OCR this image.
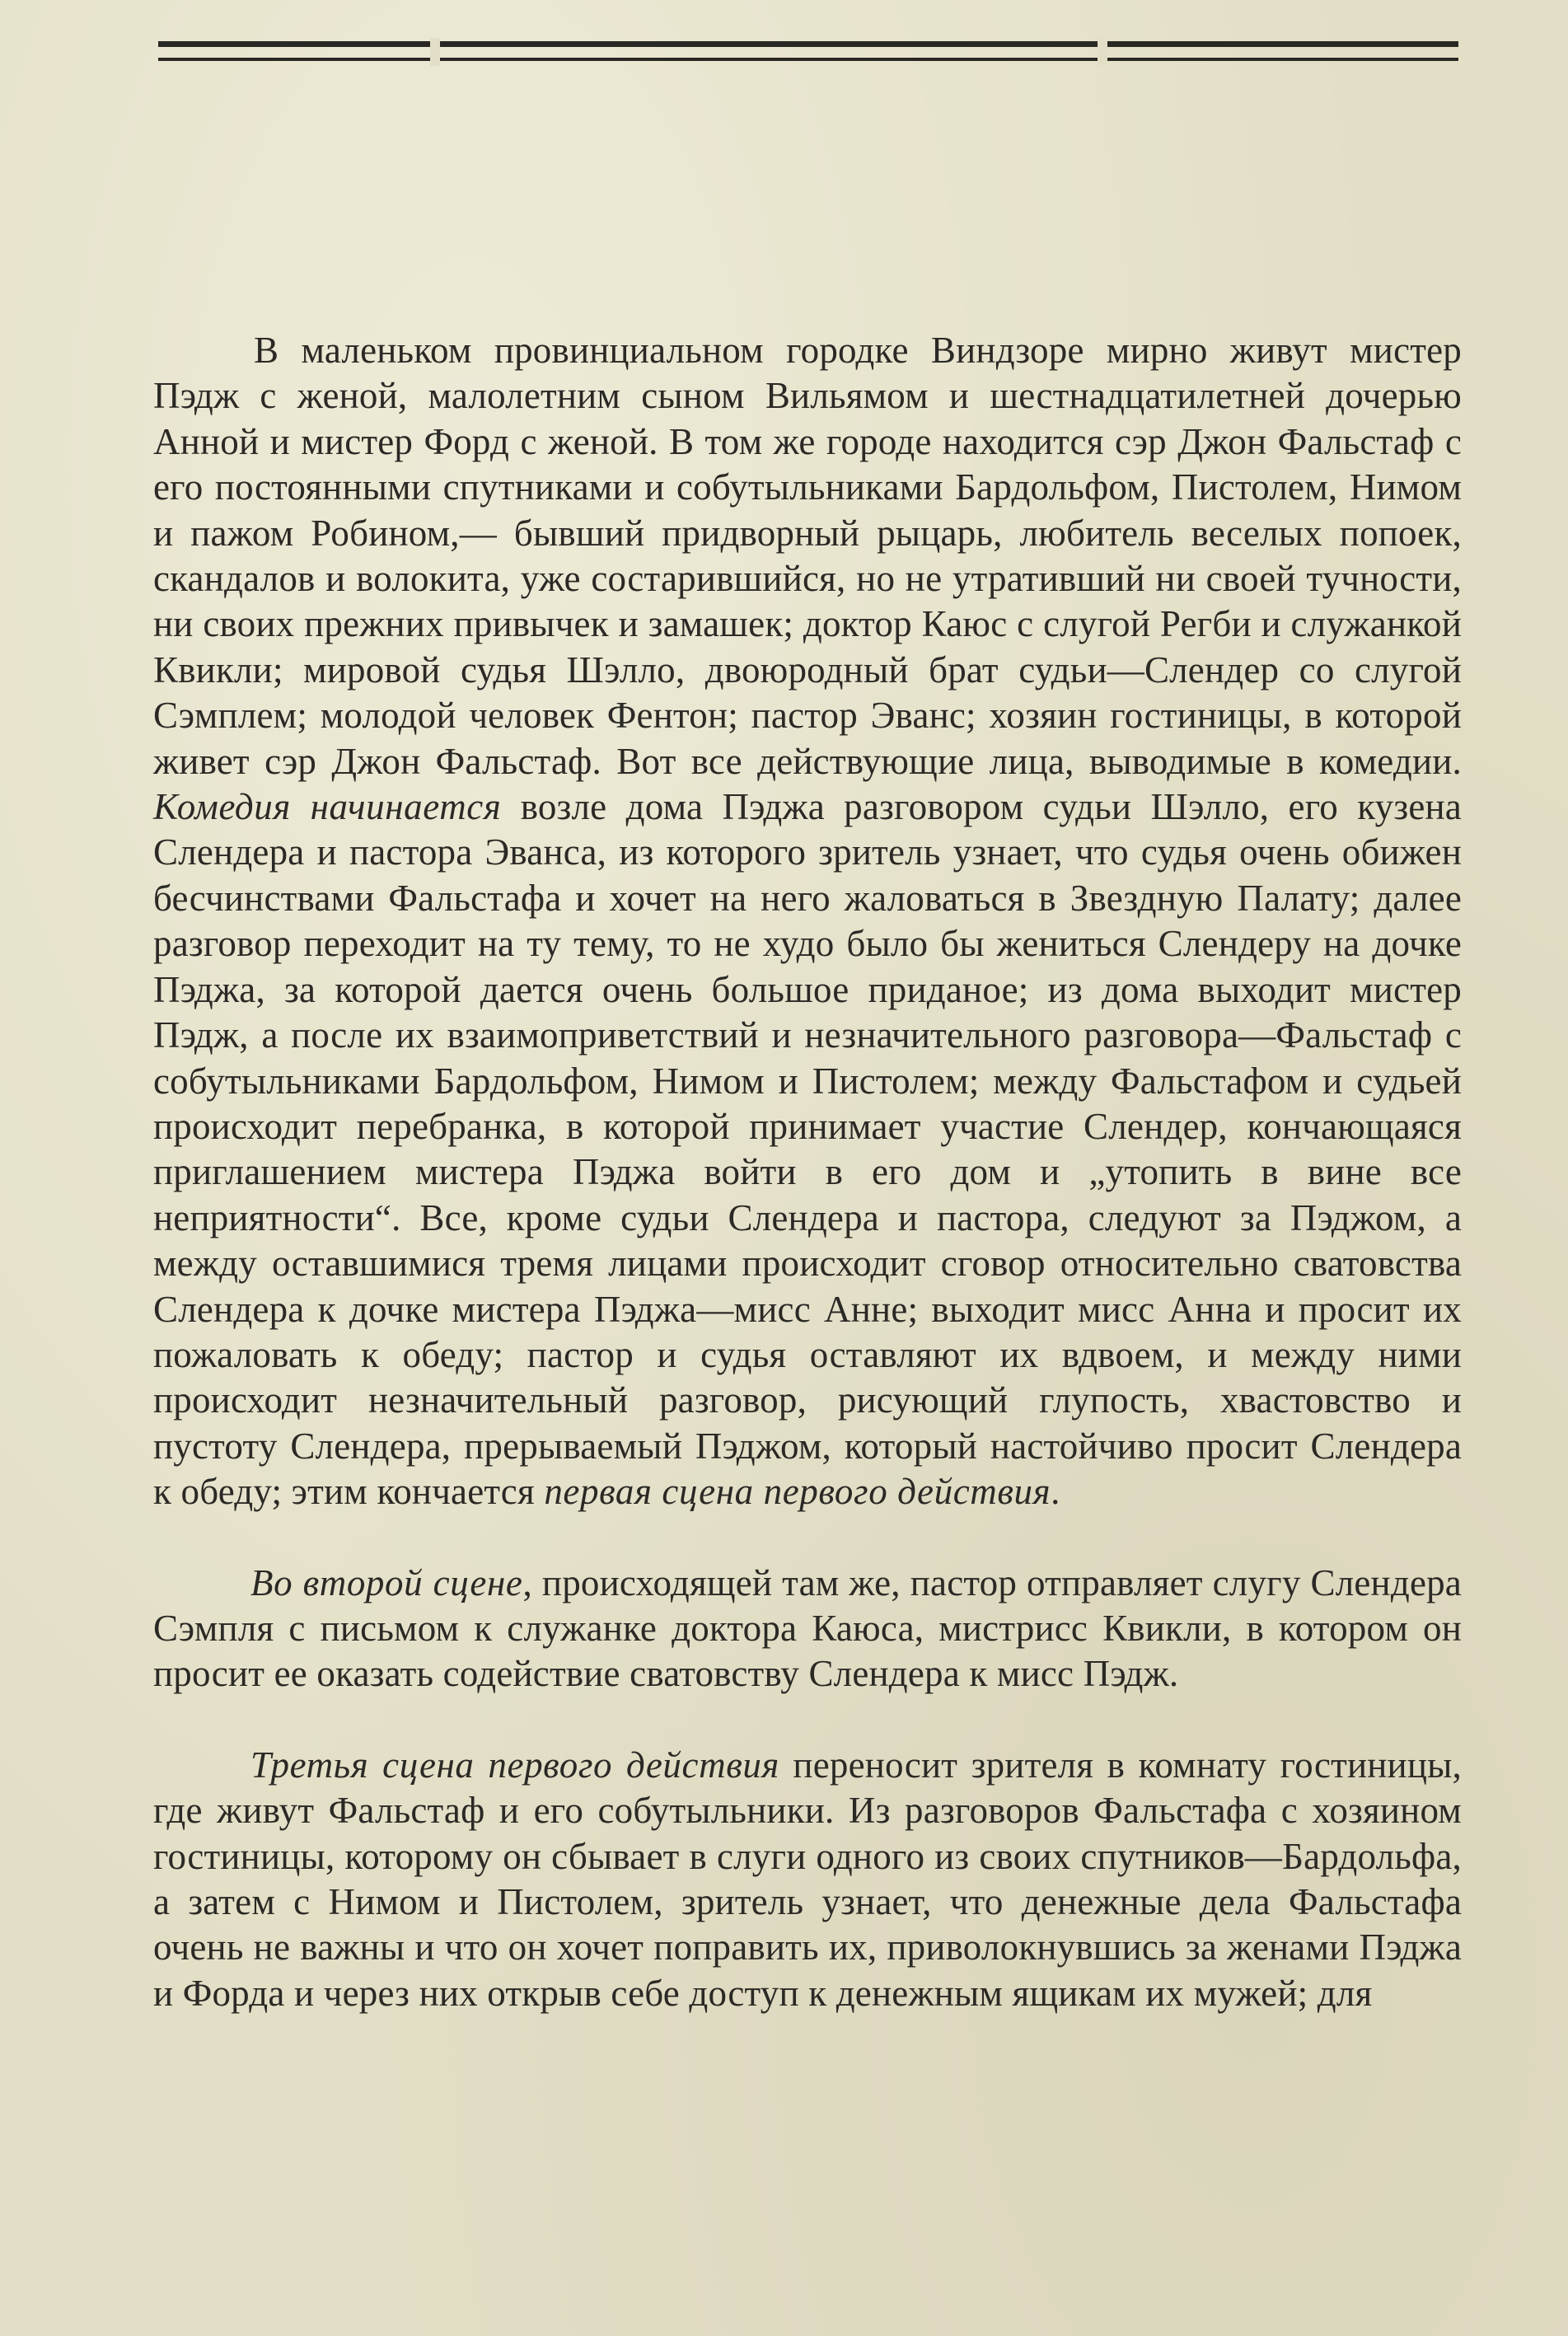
В маленьком провинциальном городке Виндзоре мирно живут мистер Пэдж с женой, малолетним сыном Вильямом и шестнадцатилетней дочерью Анной и мистер Форд с женой. В том же городе находится сэр Джон Фальстаф с его постоянными спутниками и собутыльниками Бардольфом, Пистолем, Нимом и пажом Робином,— бывший придворный рыцарь, любитель веселых попоек, скандалов и волокита, уже состарившийся, но не утративший ни своей тучности, ни своих прежних привычек и замашек; доктор Каюс с слугой Регби и служанкой Квикли; мировой судья Шэлло, двоюродный брат судьи—Слендер со слугой Сэмплем; молодой человек Фентон; пастор Эванс; хозяин гостиницы, в которой живет сэр Джон Фальстаф. Вот все действующие лица, выводимые в комедии. Комедия начинается возле дома Пэджа разговором судьи Шэлло, его кузена Слендера и пастора Эванса, из которого зритель узнает, что судья очень обижен бесчинствами Фальстафа и хочет на него жаловаться в Звездную Палату; далее разговор переходит на ту тему, то не худо было бы жениться Слендеру на дочке Пэджа, за которой дается очень большое приданое; из дома выходит мистер Пэдж, а после их взаимоприветствий и незначительного разговора—Фальстаф с собутыльниками Бардольфом, Нимом и Пистолем; между Фальстафом и судьей происходит перебранка, в которой принимает участие Слендер, кончающаяся приглашением мистера Пэджа войти в его дом и „утопить в вине все неприятности“. Все, кроме судьи Слендера и пастора, следуют за Пэджом, а между оставшимися тремя лицами происходит сговор относительно сватовства Слендера к дочке мистера Пэджа—мисс Анне; выходит мисс Анна и просит их пожаловать к обеду; пастор и судья оставляют их вдвоем, и между ними происходит незначительный разговор, рисующий глупость, хвастовство и пустоту Слендера, прерываемый Пэджом, который настойчиво просит Слендера к обеду; этим кончается первая сцена первого действия.

Во второй сцене, происходящей там же, пастор отправляет слугу Слендера Сэмпля с письмом к служанке доктора Каюса, мистрисс Квикли, в котором он просит ее оказать содействие сватовству Слендера к мисс Пэдж.

Третья сцена первого действия переносит зрителя в комнату гостиницы, где живут Фальстаф и его собутыльники. Из разговоров Фальстафа с хозяином гостиницы, которому он сбывает в слуги одного из своих спутников—Бардольфа, а затем с Нимом и Пистолем, зритель узнает, что денежные дела Фальстафа очень не важны и что он хочет поправить их, приволокнувшись за женами Пэджа и Форда и через них открыв себе доступ к денежным ящикам их мужей; для
